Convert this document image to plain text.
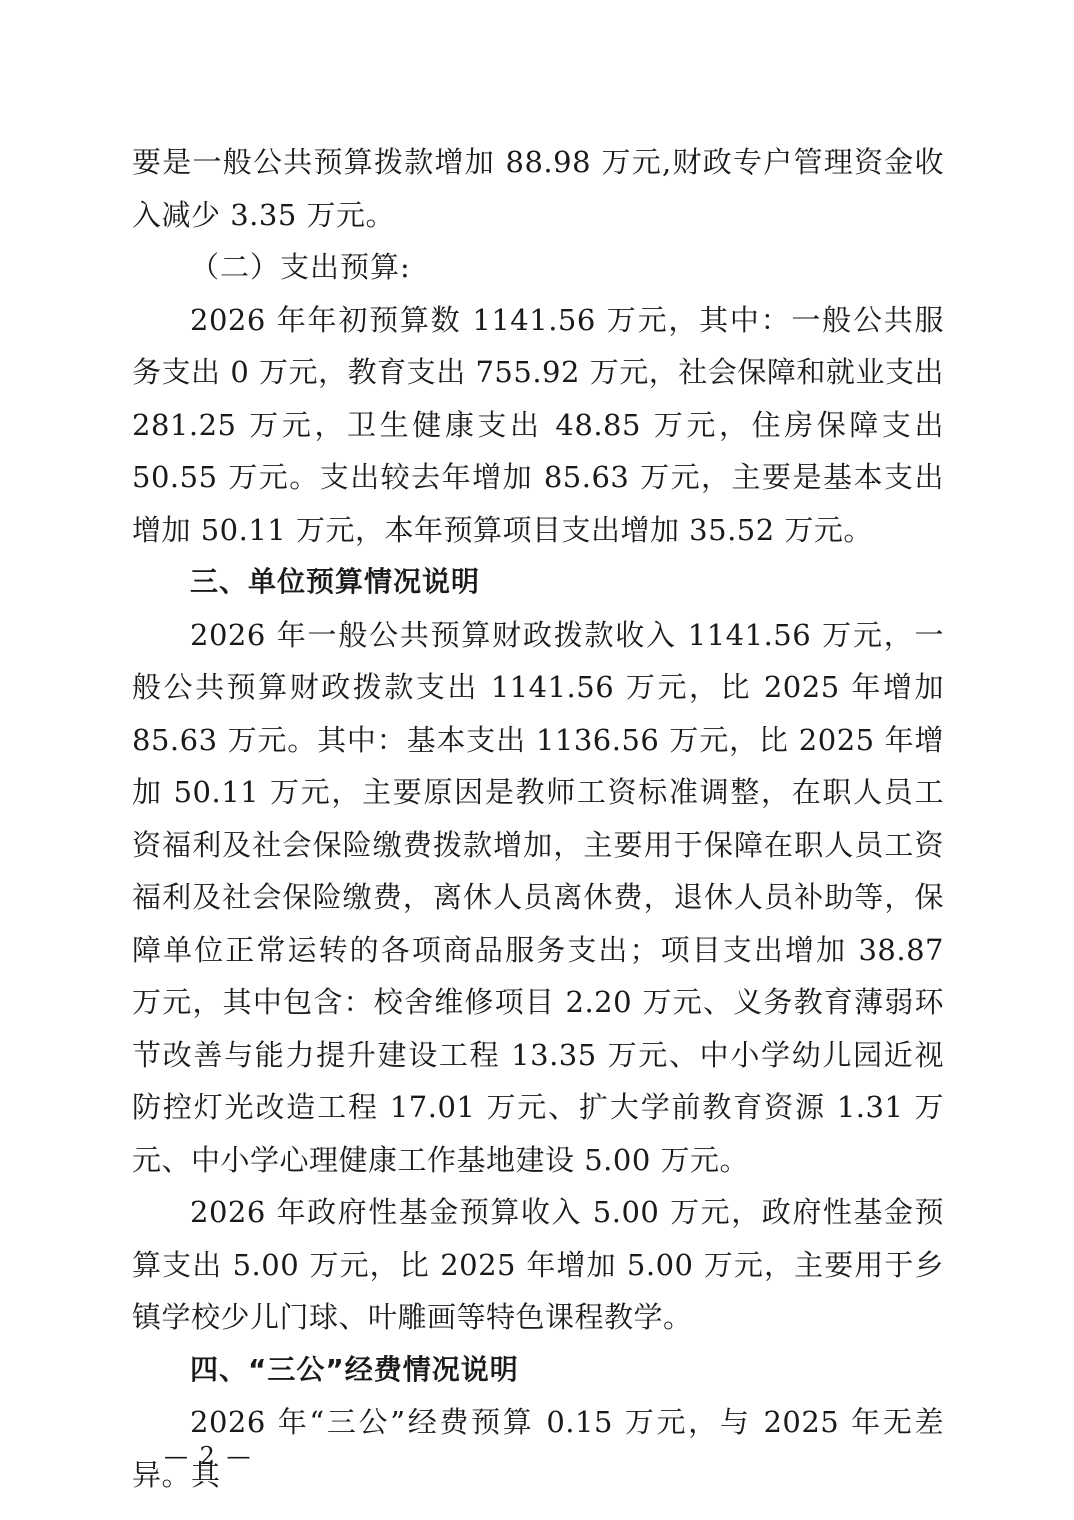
要是一般公共预算拨款增加 88.98 万元,财政专户管理资金收入减少 3.35 万元。

（二）支出预算:

2026 年年初预算数 1141.56 万元，其中：一般公共服务支出 0 万元，教育支出 755.92 万元，社会保障和就业支出 281.25 万元，卫生健康支出 48.85 万元，住房保障支出 50.55 万元。支出较去年增加 85.63 万元，主要是基本支出增加 50.11 万元，本年预算项目支出增加 35.52 万元。

三、单位预算情况说明

2026 年一般公共预算财政拨款收入 1141.56 万元，一般公共预算财政拨款支出 1141.56 万元，比 2025 年增加 85.63 万元。其中：基本支出 1136.56 万元，比 2025 年增加 50.11 万元，主要原因是教师工资标准调整，在职人员工资福利及社会保险缴费拨款增加，主要用于保障在职人员工资福利及社会保险缴费，离休人员离休费，退休人员补助等，保障单位正常运转的各项商品服务支出；项目支出增加 38.87 万元，其中包含：校舍维修项目 2.20 万元、义务教育薄弱环节改善与能力提升建设工程 13.35 万元、中小学幼儿园近视防控灯光改造工程 17.01 万元、扩大学前教育资源 1.31 万元、中小学心理健康工作基地建设 5.00 万元。

2026 年政府性基金预算收入 5.00 万元，政府性基金预算支出 5.00 万元，比 2025 年增加 5.00 万元，主要用于乡镇学校少儿门球、叶雕画等特色课程教学。

四、“三公”经费情况说明

2026 年“三公”经费预算 0.15 万元，与 2025 年无差异。其

— 2 —
